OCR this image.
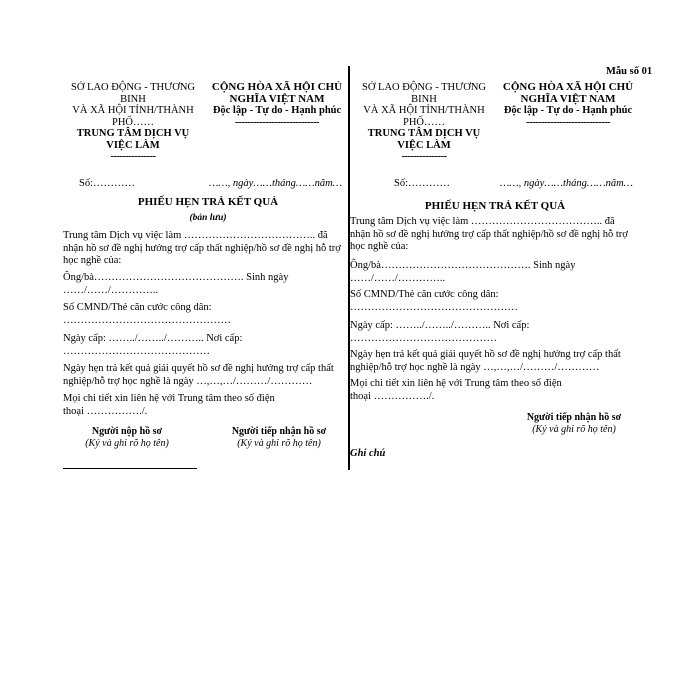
Mẫu số 01
SỞ LAO ĐỘNG - THƯƠNG BINH
VÀ XÃ HỘI TỈNH/THÀNH PHỐ……
TRUNG TÂM DỊCH VỤ VIỆC LÀM
---------------
CỘNG HÒA XÃ HỘI CHỦ NGHĨA VIỆT NAM
Độc lập - Tự do - Hạnh phúc
----------------------------
Số:…………	……, ngày……tháng……năm…
PHIẾU HẸN TRẢ KẾT QUẢ
(bản lưu)
Trung tâm Dịch vụ việc làm ……………………………….. đã nhận hồ sơ đề nghị hưởng trợ cấp thất nghiệp/hồ sơ đề nghị hỗ trợ học nghề của:
Ông/bà……………………………………. Sinh ngày ……/……/…………..
Số CMND/Thẻ căn cước công dân: …………………………………………
Ngày cấp: ……../……../……….. Nơi cấp: ……………………………………
Ngày hẹn trả kết quả giải quyết hồ sơ đề nghị hưởng trợ cấp thất nghiệp/hỗ trợ học nghề là ngày …,…,…/………/…………
Mọi chi tiết xin liên hệ với Trung tâm theo số điện thoại ……………./.
Người nộp hồ sơ
(Ký và ghi rõ họ tên)
Người tiếp nhận hồ sơ
(Ký và ghi rõ họ tên)
SỞ LAO ĐỘNG - THƯƠNG BINH
VÀ XÃ HỘI TỈNH/THÀNH PHỐ……
TRUNG TÂM DỊCH VỤ VIỆC LÀM
---------------
CỘNG HÒA XÃ HỘI CHỦ NGHĨA VIỆT NAM
Độc lập - Tự do - Hạnh phúc
----------------------------
Số:…………	……, ngày……tháng……năm…
PHIẾU HẸN TRẢ KẾT QUẢ
Trung tâm Dịch vụ việc làm ……………………………….. đã nhận hồ sơ đề nghị hưởng trợ cấp thất nghiệp/hồ sơ đề nghị hỗ trợ học nghề của:
Ông/bà……………………………………. Sinh ngày ……/……/…………..
Số CMND/Thẻ căn cước công dân: …………………………………………
Ngày cấp: ……../……../……….. Nơi cấp: ……………………………………
Ngày hẹn trả kết quả giải quyết hồ sơ đề nghị hưởng trợ cấp thất nghiệp/hỗ trợ học nghề là ngày …,…,…/………/…………
Mọi chi tiết xin liên hệ với Trung tâm theo số điện thoại ……………./.
Người tiếp nhận hồ sơ
(Ký và ghi rõ họ tên)
Ghi chú
